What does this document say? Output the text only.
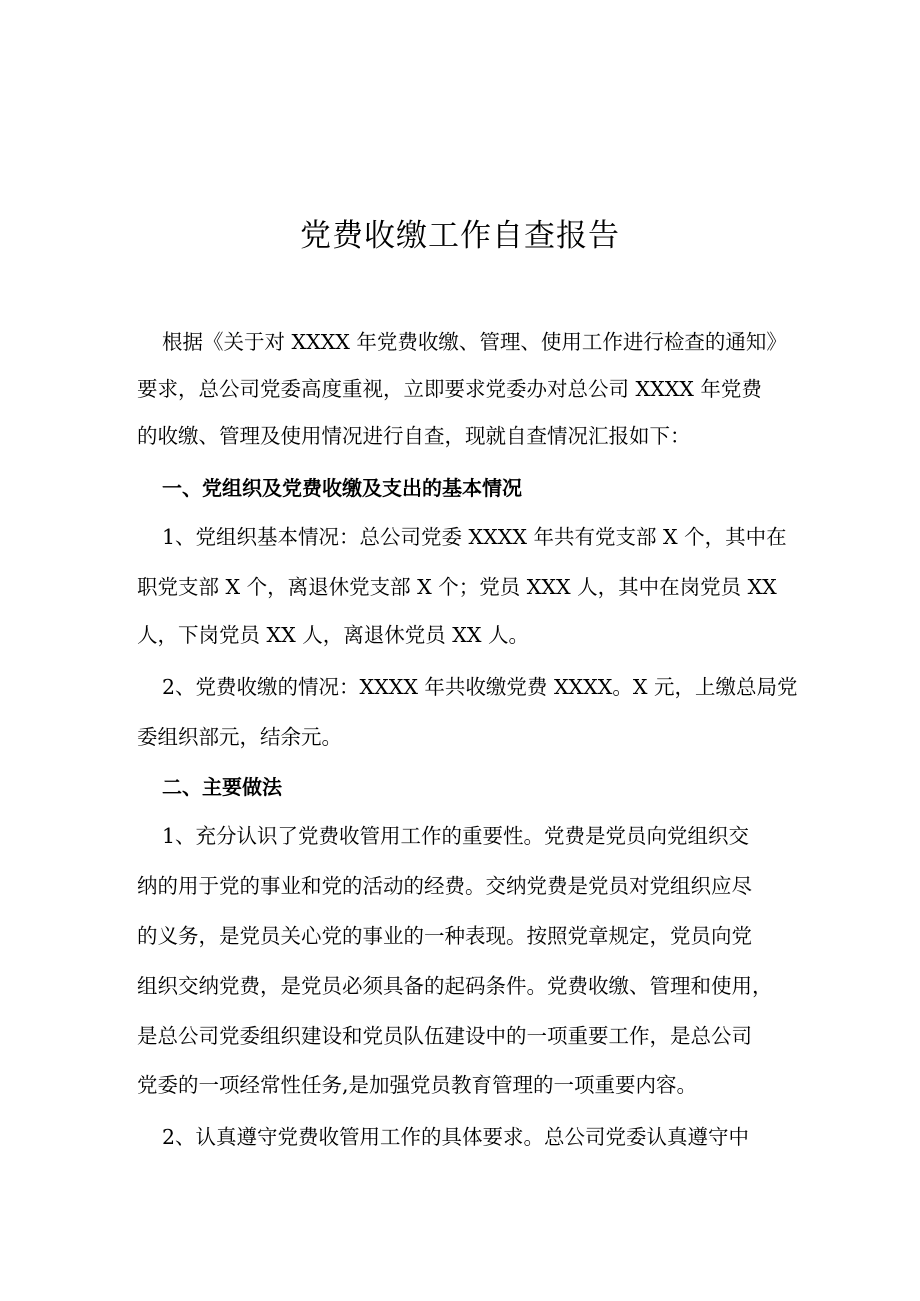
党费收缴工作自查报告

根据《关于对 XXXX 年党费收缴、管理、使用工作进行检查的通知》

要求，总公司党委高度重视，立即要求党委办对总公司 XXXX 年党费

的收缴、管理及使用情况进行自查，现就自查情况汇报如下：

一、党组织及党费收缴及支出的基本情况

1、党组织基本情况：总公司党委 XXXX 年共有党支部 X 个，其中在

职党支部 X 个，离退休党支部 X 个；党员 XXX 人，其中在岗党员 XX

人，下岗党员 XX 人，离退休党员 XX 人。

2、党费收缴的情况：XXXX 年共收缴党费 XXXX。X 元，上缴总局党

委组织部元，结余元。

二、主要做法

1、充分认识了党费收管用工作的重要性。党费是党员向党组织交

纳的用于党的事业和党的活动的经费。交纳党费是党员对党组织应尽

的义务，是党员关心党的事业的一种表现。按照党章规定，党员向党

组织交纳党费，是党员必须具备的起码条件。党费收缴、管理和使用，

是总公司党委组织建设和党员队伍建设中的一项重要工作，是总公司

党委的一项经常性任务,是加强党员教育管理的一项重要内容。

2、认真遵守党费收管用工作的具体要求。总公司党委认真遵守中
